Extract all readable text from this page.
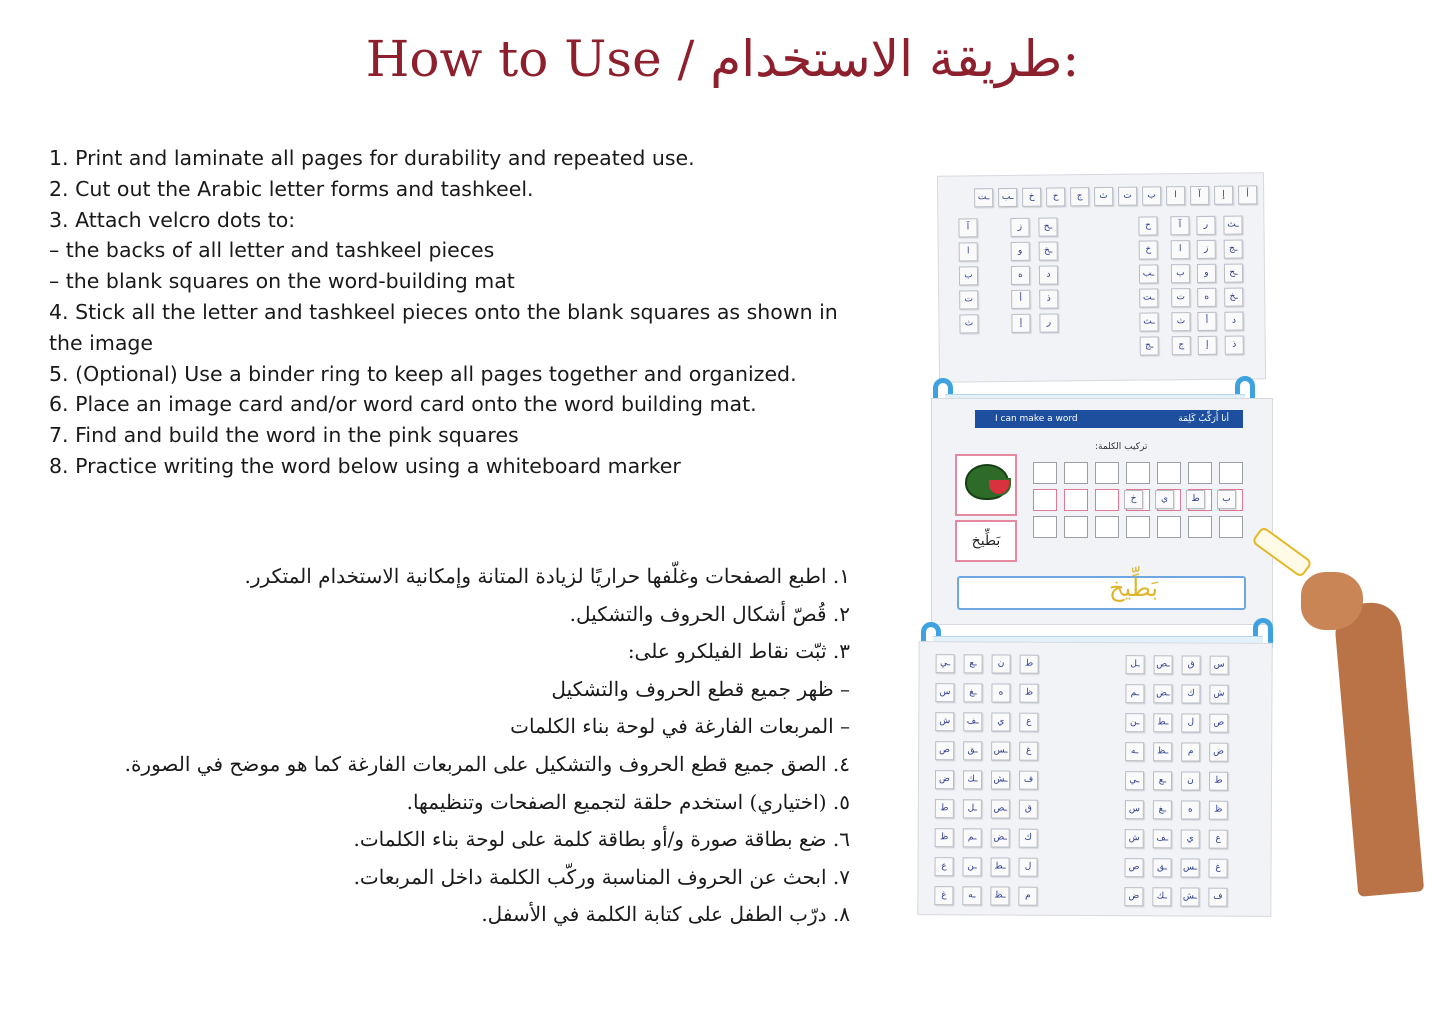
How to Use / طريقة الاستخدام:
1. Print and laminate all pages for durability and repeated use.
2. Cut out the Arabic letter forms and tashkeel.
3. Attach velcro dots to:
– the backs of all letter and tashkeel pieces
– the blank squares on the word-building mat
4. Stick all the letter and tashkeel pieces onto the blank squares as shown in the image
5. (Optional) Use a binder ring to keep all pages together and organized.
6. Place an image card and/or word card onto the word building mat.
7. Find and build the word in the pink squares
8. Practice writing the word below using a whiteboard marker
١. اطبع الصفحات وغلّفها حراريًا لزيادة المتانة وإمكانية الاستخدام المتكرر.
٢. قُصّ أشكال الحروف والتشكيل.
٣. ثبّت نقاط الفيلكرو على:
– ظهر جميع قطع الحروف والتشكيل
– المربعات الفارغة في لوحة بناء الكلمات
٤. الصق جميع قطع الحروف والتشكيل على المربعات الفارغة كما هو موضح في الصورة.
٥. (اختياري) استخدم حلقة لتجميع الصفحات وتنظيمها.
٦. ضع بطاقة صورة و/أو بطاقة كلمة على لوحة بناء الكلمات.
٧. ابحث عن الحروف المناسبة وركّب الكلمة داخل المربعات.
٨. درّب الطفل على كتابة الكلمة في الأسفل.
أ
إ
آ
ا
ب
ت
ث
ج
ح
خ
ـب
ـت
ـث
ـج
ـح
ـخ
د
ذ
ر
ز
و
ه
أ
إ
آ
ا
ب
ت
ث
ج
ح
خ
ـب
ـت
ـث
ـج
ـح
ـخ
د
ذ
ر
ز
و
ه
أ
إ
آ
ا
ب
ت
ث
I can make a word	أنا أُرَكِّبُ كَلِمَة
تركيب الكلمة:
بَطِّيخ
ب
ط
ي
خ
بَطِّيخ
س
ش
ص
ض
ط
ظ
ع
غ
ف
ق
ك
ل
م
ن
ه
ي
ـس
ـش
ـص
ـض
ـط
ـظ
ـع
ـغ
ـف
ـق
ـك
ـل
ـم
ـن
ـه
ـي
س
ش
ص
ض
ط
ظ
ع
غ
ف
ق
ك
ل
م
ن
ه
ي
ـس
ـش
ـص
ـض
ـط
ـظ
ـع
ـغ
ـف
ـق
ـك
ـل
ـم
ـن
ـه
ـي
س
ش
ص
ض
ط
ظ
ع
غ
